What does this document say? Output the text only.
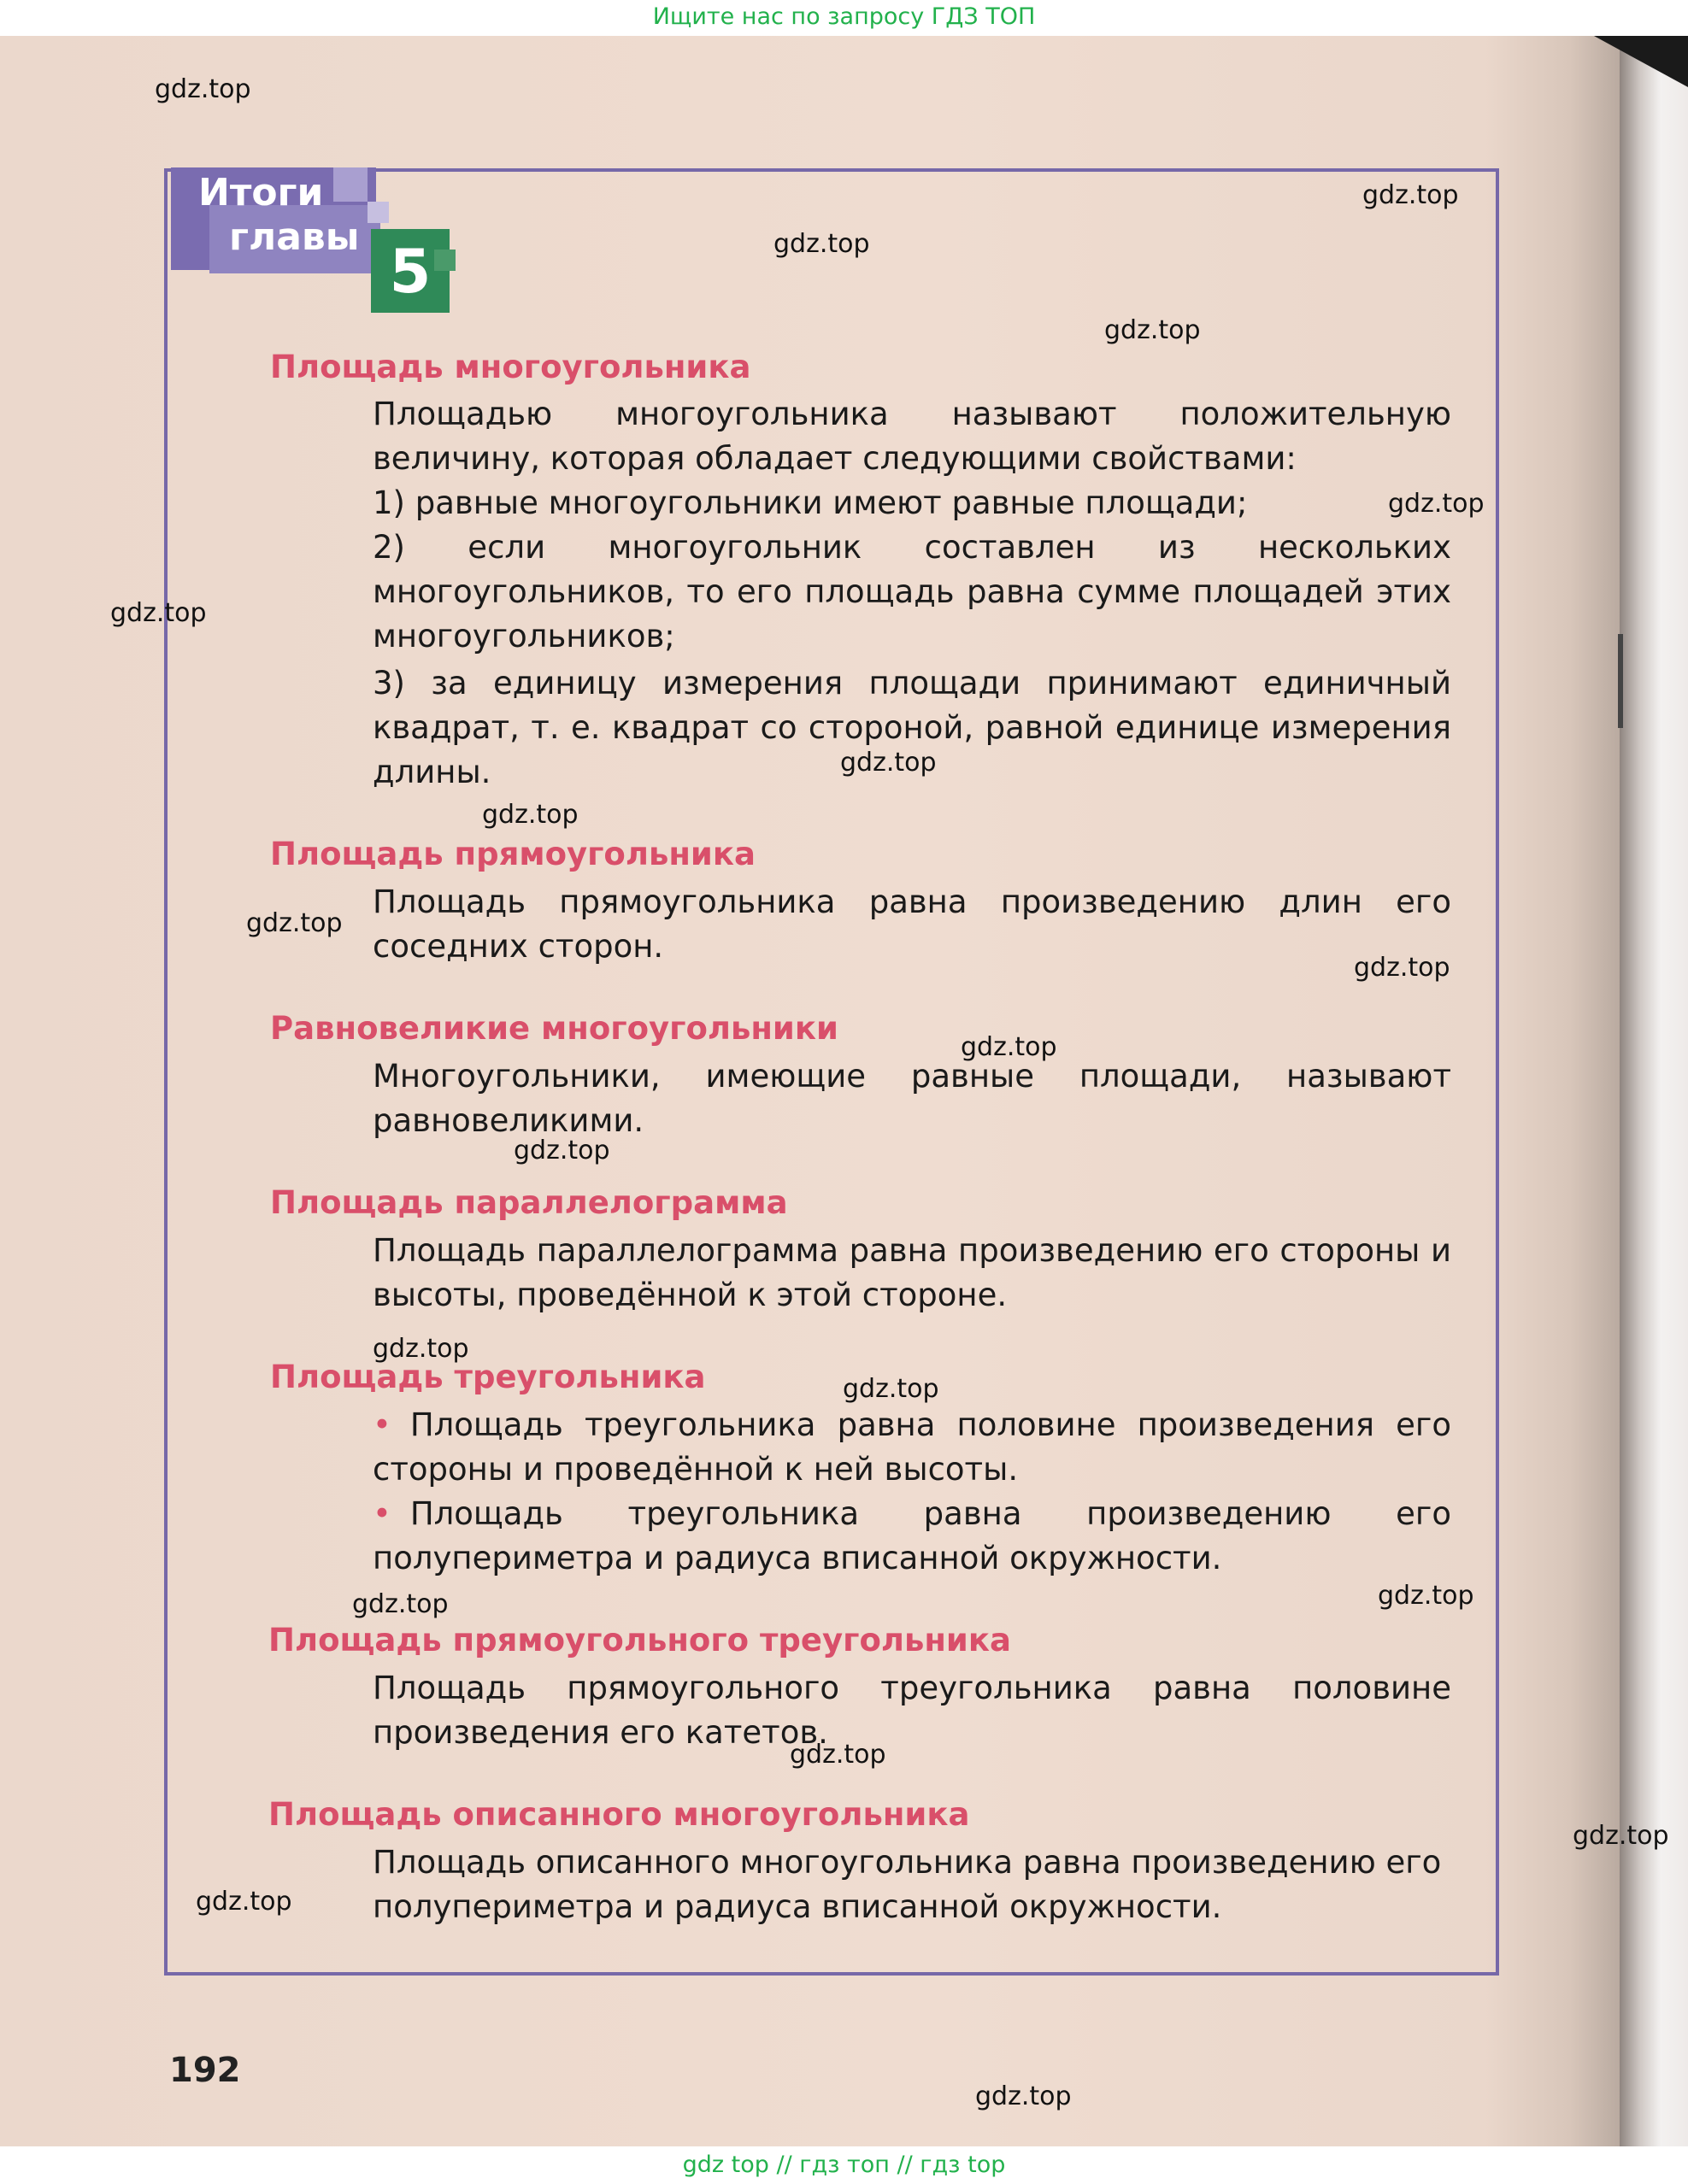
Ищите нас по запросу ГДЗ ТОП
Итоги
главы 5
Площадь многоугольника
Площадью многоугольника называют положительную величину, которая обладает следующими свойствами:
1) равные многоугольники имеют равные площади;
2) если многоугольник составлен из нескольких многоугольников, то его площадь равна сумме площадей этих многоугольников;
3) за единицу измерения площади принимают единичный квадрат, т. е. квадрат со стороной, равной единице измерения длины.
Площадь прямоугольника
Площадь прямоугольника равна произведению длин его соседних сторон.
Равновеликие многоугольники
Многоугольники, имеющие равные площади, называют равновеликими.
Площадь параллелограмма
Площадь параллелограмма равна произведению его стороны и высоты, проведённой к этой стороне.
Площадь треугольника
• Площадь треугольника равна половине произведения его стороны и проведённой к ней высоты.
• Площадь треугольника равна произведению его полупериметра и радиуса вписанной окружности.
Площадь прямоугольного треугольника
Площадь прямоугольного треугольника равна половине произведения его катетов.
Площадь описанного многоугольника
Площадь описанного многоугольника равна произведению его полупериметра и радиуса вписанной окружности.
192
gdz.top
gdz.top
gdz.top
gdz.top
gdz.top
gdz.top
gdz.top
gdz.top
gdz.top
gdz.top
gdz.top
gdz.top
gdz.top
gdz.top
gdz.top
gdz.top
gdz.top
gdz.top
gdz.top
gdz.top
gdz top // гдз топ // гдз top
